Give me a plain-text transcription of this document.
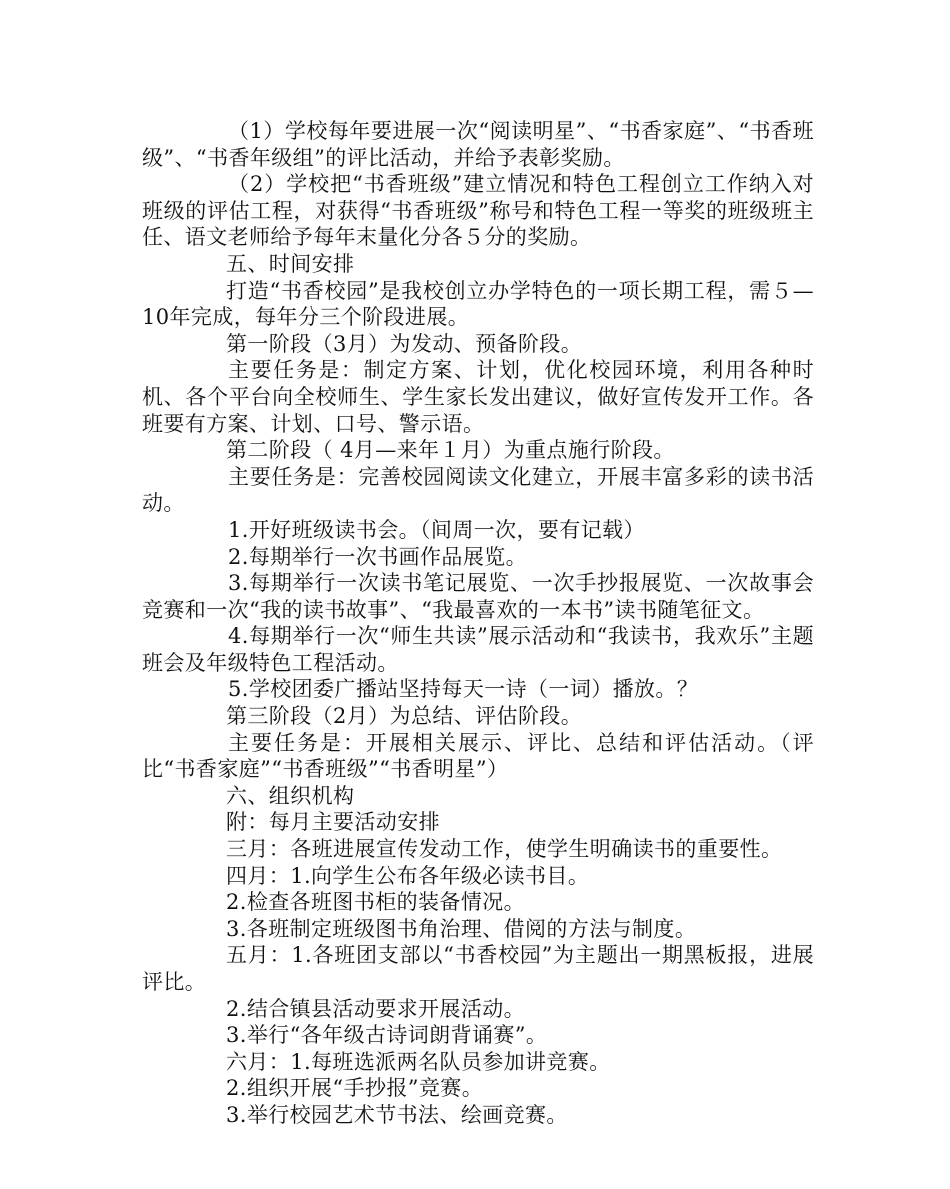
（1）学校每年要进展一次“阅读明星”、“书香家庭”、“书香班级”、“书香年级组”的评比活动，并给予表彰奖励。

（2）学校把“书香班级”建立情况和特色工程创立工作纳入对班级的评估工程，对获得“书香班级”称号和特色工程一等奖的班级班主任、语文老师给予每年末量化分各５分的奖励。

五、时间安排

打造“书香校园”是我校创立办学特色的一项长期工程，需５—10年完成，每年分三个阶段进展。

第一阶段（3月）为发动、预备阶段。

主要任务是：制定方案、计划，优化校园环境，利用各种时机、各个平台向全校师生、学生家长发出建议，做好宣传发开工作。各班要有方案、计划、口号、警示语。

第二阶段（ 4月—来年１月）为重点施行阶段。

主要任务是：完善校园阅读文化建立，开展丰富多彩的读书活动。

1.开好班级读书会。（间周一次，要有记载）

2.每期举行一次书画作品展览。

3.每期举行一次读书笔记展览、一次手抄报展览、一次故事会竞赛和一次“我的读书故事”、“我最喜欢的一本书”读书随笔征文。

4.每期举行一次“师生共读”展示活动和“我读书，我欢乐”主题班会及年级特色工程活动。

5.学校团委广播站坚持每天一诗（一词）播放。？

第三阶段（2月）为总结、评估阶段。

主要任务是：开展相关展示、评比、总结和评估活动。（评比“书香家庭”“书香班级”“书香明星”）

六、组织机构

附：每月主要活动安排

三月：各班进展宣传发动工作，使学生明确读书的重要性。

四月：1.向学生公布各年级必读书目。

2.检查各班图书柜的装备情况。

3.各班制定班级图书角治理、借阅的方法与制度。

五月：1.各班团支部以“书香校园”为主题出一期黑板报，进展评比。

2.结合镇县活动要求开展活动。

3.举行“各年级古诗词朗背诵赛”。

六月：1.每班选派两名队员参加讲竞赛。

2.组织开展“手抄报”竞赛。

3.举行校园艺术节书法、绘画竞赛。
